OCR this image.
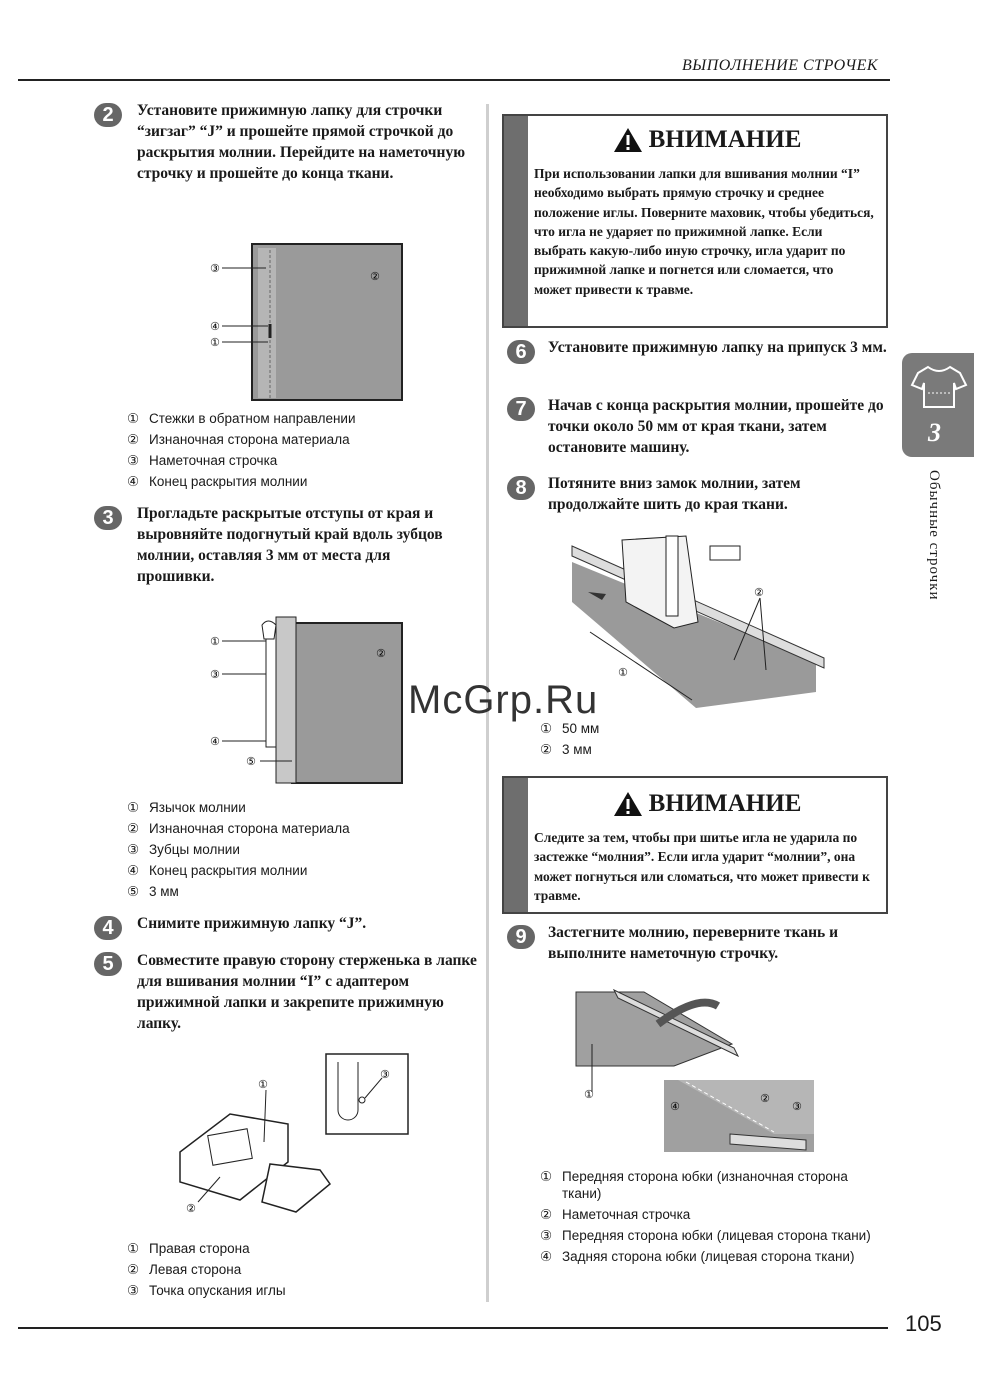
ВЫПОЛНЕНИЕ СТРОЧЕК
2	Установите прижимную лапку для строчки “зигзаг” “J” и прошейте прямой строчкой до раскрытия молнии. Перейдите на наметочную строчку и прошейте до конца ткани.
③
②
④
①
① Стежки в обратном направлении
② Изнаночная сторона материала
③ Наметочная строчка
④ Конец раскрытия молнии
3	Прогладьте раскрытые отступы от края и выровняйте подогнутый край вдоль зубцов молнии, оставляя 3 мм от места для прошивки.
①
②
③
④
⑤
① Язычок молнии
② Изнаночная сторона материала
③ Зубцы молнии
④ Конец раскрытия молнии
⑤ 3 мм
4	Снимите прижимную лапку “J”.
5	Совместите правую сторону стерженька в лапке для вшивания молнии “I” с адаптером прижимной лапки и закрепите прижимную лапку.
③
①
②
① Правая сторона
② Левая сторона
③ Точка опускания иглы
ВНИМАНИЕ
При использовании лапки для вшивания молнии “I” необходимо выбрать прямую строчку и среднее положение иглы. Поверните маховик, чтобы убедиться, что игла не ударяет по прижимной лапке. Если выбрать какую-либо иную строчку, игла ударит по прижимной лапке и погнется или сломается, что может привести к травме.
6	Установите прижимную лапку на припуск 3 мм.
7	Начав с конца раскрытия молнии, прошейте до точки около 50 мм от края ткани, затем остановите машину.
8	Потяните вниз замок молнии, затем продолжайте шить до края ткани.
①
②
① 50 мм
② 3 мм
ВНИМАНИЕ
Следите за тем, чтобы при шитье игла не ударила по застежке “молния”. Если игла ударит “молнии”, она может погнуться или сломаться, что может привести к травме.
9	Застегните молнию, переверните ткань и выполните наметочную строчку.
①	②
③
④
① Передняя сторона юбки (изнаночная сторона ткани)
② Наметочная строчка
③ Передняя сторона юбки (лицевая сторона ткани)
④ Задняя сторона юбки (лицевая сторона ткани)
3
Обычные строчки
McGrp.Ru
105
